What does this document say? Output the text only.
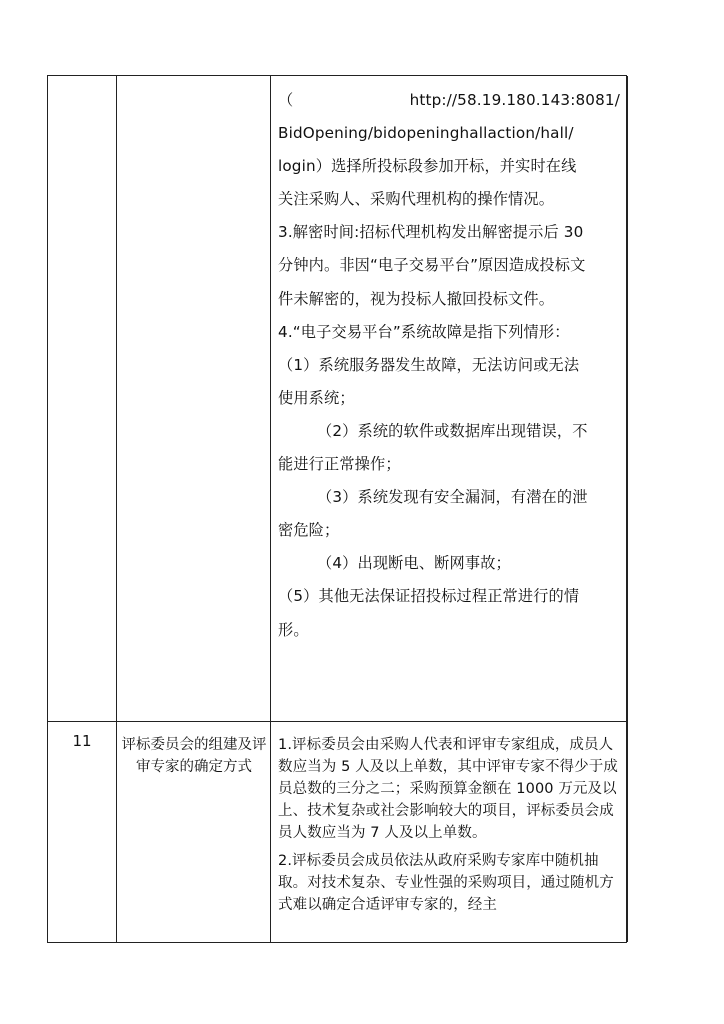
（	http://58.19.180.143:8081/

BidOpening/bidopeninghallaction/hall/

login）选择所投标段参加开标，并实时在线

关注采购人、采购代理机构的操作情况。

3.解密时间:招标代理机构发出解密提示后 30

分钟内。非因“电子交易平台”原因造成投标文

件未解密的，视为投标人撤回投标文件。

4.“电子交易平台”系统故障是指下列情形：

（1）系统服务器发生故障，无法访问或无法

使用系统；

（2）系统的软件或数据库出现错误，不

能进行正常操作；

（3）系统发现有安全漏洞，有潜在的泄

密危险；

（4）出现断电、断网事故；

（5）其他无法保证招投标过程正常进行的情

形。

11	评标委员会的组建及评审专家的确定方式

1.评标委员会由采购人代表和评审专家组成，成员人数应当为 5 人及以上单数，其中评审专家不得少于成员总数的三分之二；采购预算金额在 1000 万元及以上、技术复杂或社会影响较大的项目，评标委员会成员人数应当为 7 人及以上单数。

2.评标委员会成员依法从政府采购专家库中随机抽取。对技术复杂、专业性强的采购项目，通过随机方式难以确定合适评审专家的，经主
